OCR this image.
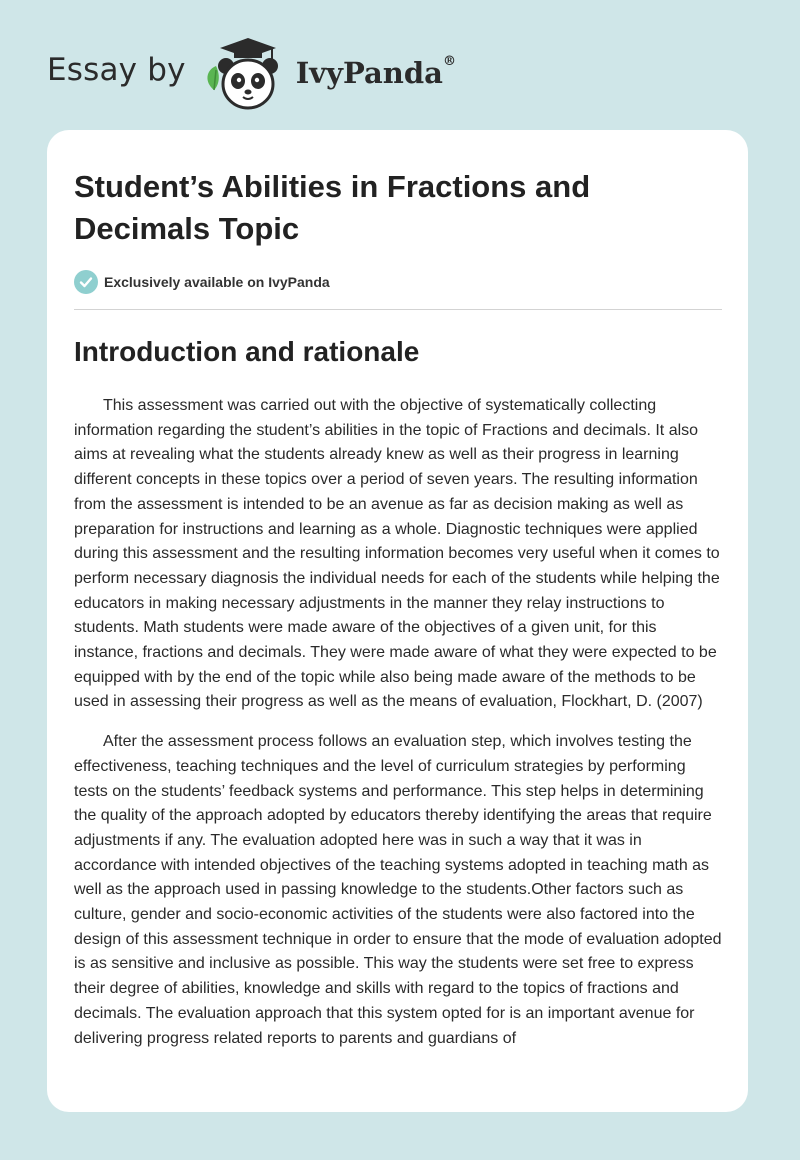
Essay by	IvyPanda®
Student’s Abilities in Fractions and Decimals Topic
Exclusively available on IvyPanda
Introduction and rationale

This assessment was carried out with the objective of systematically collecting information regarding the student’s abilities in the topic of Fractions and decimals. It also aims at revealing what the students already knew as well as their progress in learning different concepts in these topics over a period of seven years. The resulting information from the assessment is intended to be an avenue as far as decision making as well as preparation for instructions and learning as a whole. Diagnostic techniques were applied during this assessment and the resulting information becomes very useful when it comes to perform necessary diagnosis the individual needs for each of the students while helping the educators in making necessary adjustments in the manner they relay instructions to students. Math students were made aware of the objectives of a given unit, for this instance, fractions and decimals. They were made aware of what they were expected to be equipped with by the end of the topic while also being made aware of the methods to be used in assessing their progress as well as the means of evaluation, Flockhart, D. (2007)

After the assessment process follows an evaluation step, which involves testing the effectiveness, teaching techniques and the level of curriculum strategies by performing tests on the students’ feedback systems and performance. This step helps in determining the quality of the approach adopted by educators thereby identifying the areas that require adjustments if any. The evaluation adopted here was in such a way that it was in accordance with intended objectives of the teaching systems adopted in teaching math as well as the approach used in passing knowledge to the students.Other factors such as culture, gender and socio-economic activities of the students were also factored into the design of this assessment technique in order to ensure that the mode of evaluation adopted is as sensitive and inclusive as possible. This way the students were set free to express their degree of abilities, knowledge and skills with regard to the topics of fractions and decimals. The evaluation approach that this system opted for is an important avenue for delivering progress related reports to parents and guardians of
